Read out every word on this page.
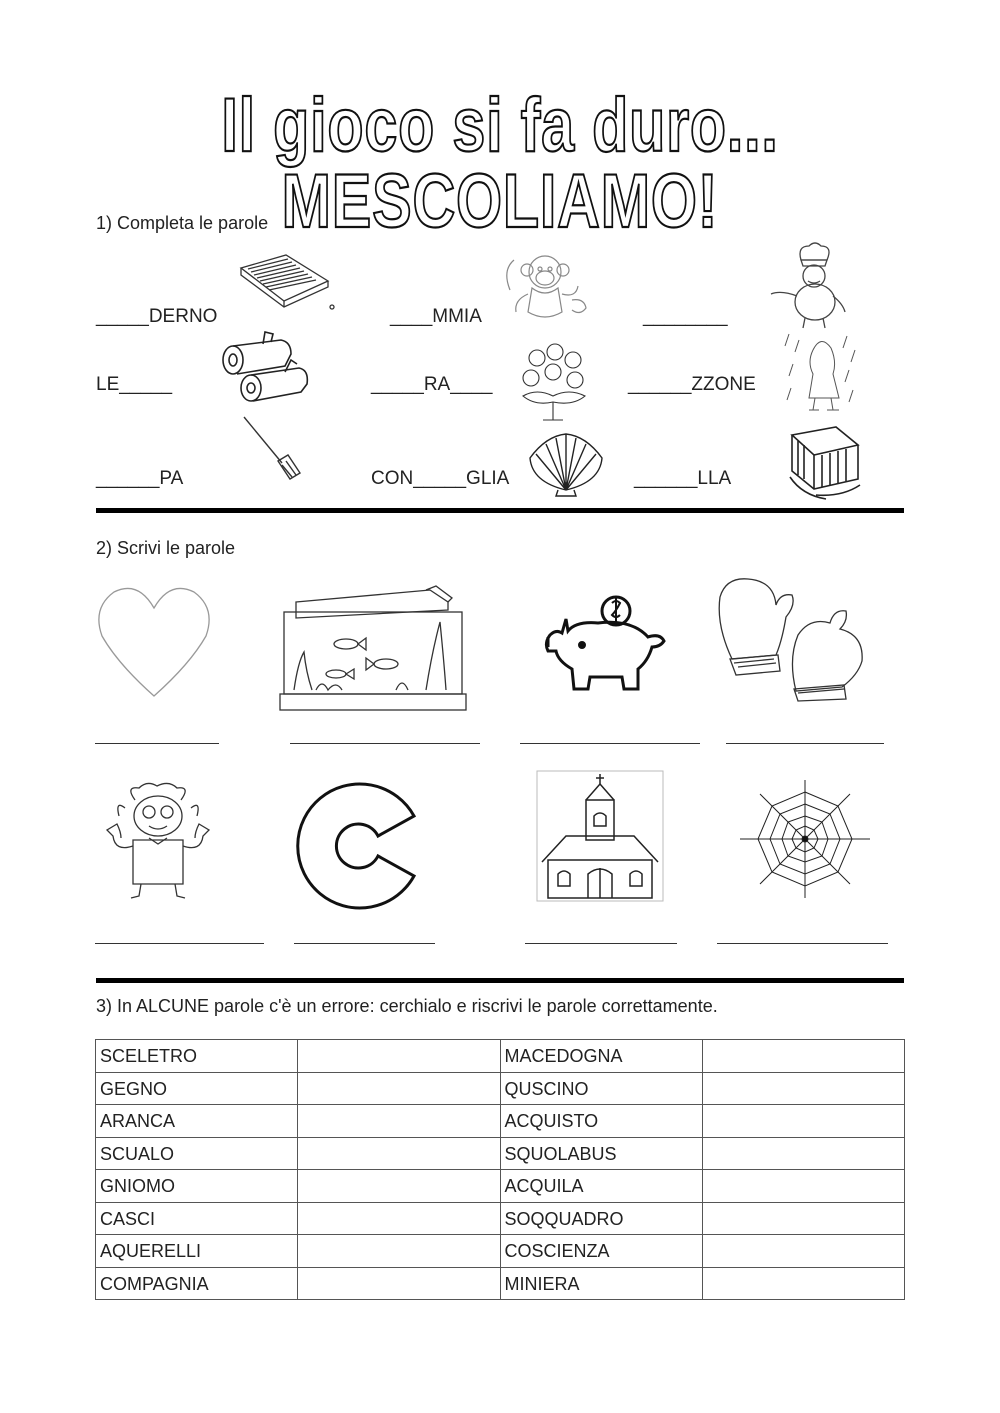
Il gioco si fa duro... MESCOLIAMO!
1) Completa le parole
_____DERNO	____MMIA	________
LE_____	_____RA____	______ZZONE
______PA	CON_____GLIA	______LLA
2) Scrivi le parole
3) In ALCUNE parole c'è un errore: cerchialo e riscrivi le parole correttamente.
SCELETRO		MACEDOGNA	
GEGNO		QUSCINO	
ARANCA		ACQUISTO	
SCUALO		SQUOLABUS	
GNIOMO		ACQUILA	
CASCI		SOQQUADRO	
AQUERELLI		COSCIENZA	
COMPAGNIA		MINIERA	
